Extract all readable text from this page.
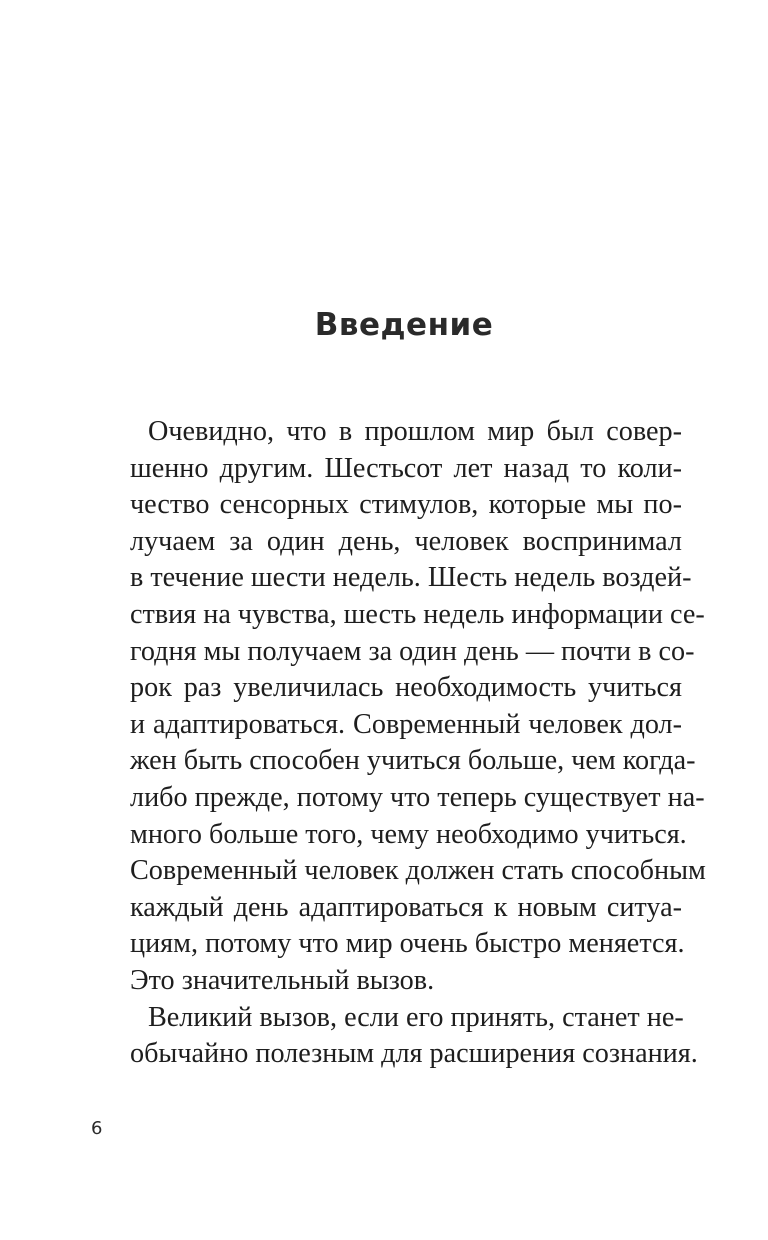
Введение
Очевидно, что в прошлом мир был совер-
шенно другим. Шестьсот лет назад то коли-
чество сенсорных стимулов, которые мы по-
лучаем за один день, человек воспринимал
в течение шести недель. Шесть недель воздей-
ствия на чувства, шесть недель информации се-
годня мы получаем за один день — почти в со-
рок раз увеличилась необходимость учиться
и адаптироваться. Современный человек дол-
жен быть способен учиться больше, чем когда-
либо прежде, потому что теперь существует на-
много больше того, чему необходимо учиться.
Современный человек должен стать способным
каждый день адаптироваться к новым ситуа-
циям, потому что мир очень быстро меняется.
Это значительный вызов.
Великий вызов, если его принять, станет не-
обычайно полезным для расширения сознания.
6
